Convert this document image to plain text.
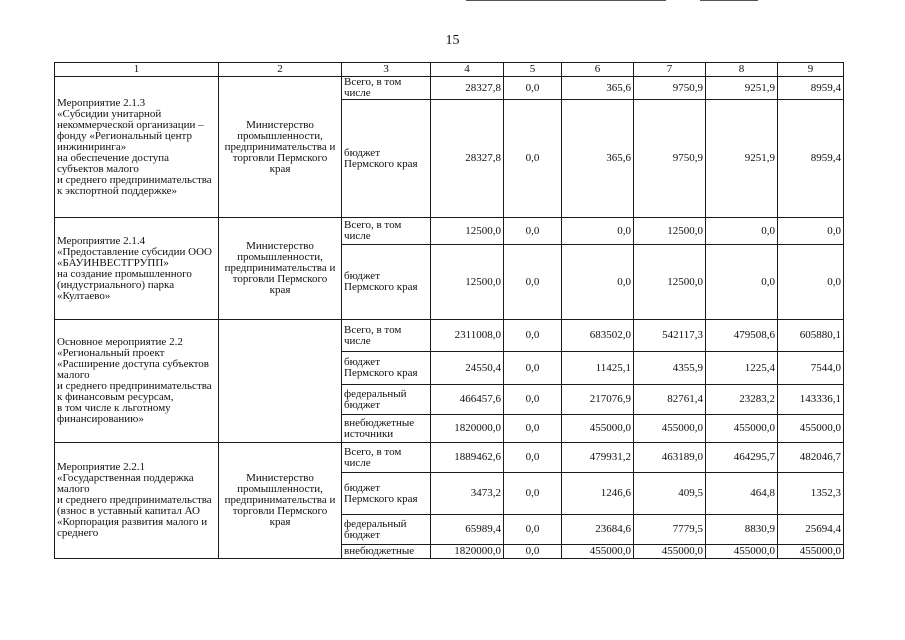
15
1	2	3	4	5	6	7	8	9
Мероприятие 2.1.3
«Субсидии унитарной некоммерческой организации – фонду «Региональный центр инжиниринга»
на обеспечение доступа субъектов малого
и среднего предпринимательства
к экспортной поддержке»	Министерство промышленности, предпринимательства и торговли Пермского края	Всего, в том числе	28327,8	0,0	365,6	9750,9	9251,9	8959,4
		бюджет Пермского края	28327,8	0,0	365,6	9750,9	9251,9	8959,4
Мероприятие 2.1.4
«Предоставление субсидии ООО «БАУИНВЕСТГРУПП»
на создание промышленного (индустриального) парка «Култаево»	Министерство промышленности, предпринимательства и торговли Пермского края	Всего, в том числе	12500,0	0,0	0,0	12500,0	0,0	0,0
		бюджет Пермского края	12500,0	0,0	0,0	12500,0	0,0	0,0
Основное мероприятие 2.2
«Региональный проект «Расширение доступа субъектов малого
и среднего предпринимательства
к финансовым ресурсам,
в том числе к льготному финансированию»		Всего, в том числе	2311008,0	0,0	683502,0	542117,3	479508,6	605880,1
		бюджет Пермского края	24550,4	0,0	11425,1	4355,9	1225,4	7544,0
		федеральный бюджет	466457,6	0,0	217076,9	82761,4	23283,2	143336,1
		внебюджетные источники	1820000,0	0,0	455000,0	455000,0	455000,0	455000,0
Мероприятие 2.2.1
«Государственная поддержка малого
и среднего предпринимательства
(взнос в уставный капитал АО «Корпорация развития малого и среднего	Министерство промышленности, предпринимательства и торговли Пермского края	Всего, в том числе	1889462,6	0,0	479931,2	463189,0	464295,7	482046,7
		бюджет Пермского края	3473,2	0,0	1246,6	409,5	464,8	1352,3
		федеральный бюджет	65989,4	0,0	23684,6	7779,5	8830,9	25694,4
		внебюджетные	1820000,0	0,0	455000,0	455000,0	455000,0	455000,0
